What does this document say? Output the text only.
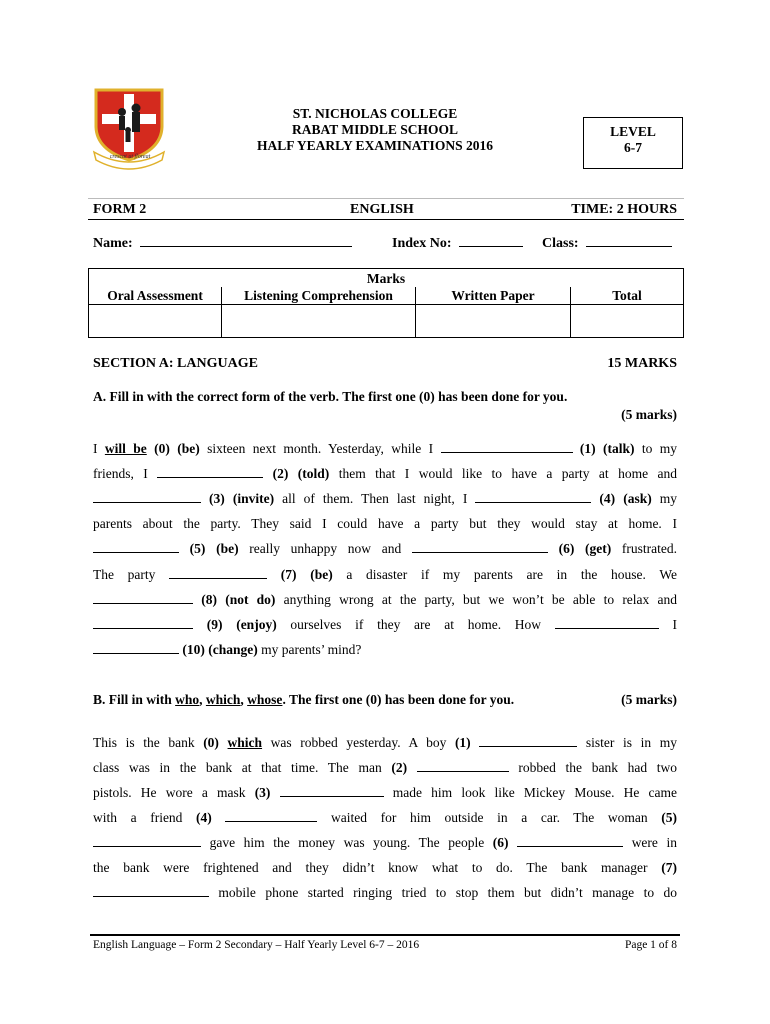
crescat ut floreat
ST. NICHOLAS COLLEGE
RABAT MIDDLE SCHOOL
HALF YEARLY EXAMINATIONS 2016
LEVEL
6-7
FORM 2	ENGLISH	TIME: 2 HOURS
Name:	Index No:	Class:
Marks
Oral Assessment	Listening Comprehension	Written Paper	Total
SECTION A: LANGUAGE	15 MARKS
A. Fill in with the correct form of the verb. The first one (0) has been done for you.
(5 marks)
I will be (0) (be) sixteen next month. Yesterday, while I	(1) (talk) to my
friends, I	(2) (told) them that I would like to have a party at home and
(3) (invite) all of them. Then last night, I	(4) (ask) my
parents about the party. They said I could have a party but they would stay at home. I
(5) (be) really unhappy now and	(6) (get) frustrated.
The party	(7) (be) a disaster if my parents are in the house. We
(8) (not do) anything wrong at the party, but we won’t be able to relax and
(9) (enjoy) ourselves if they are at home. How	I
(10) (change) my parents’ mind?
B. Fill in with who, which, whose. The first one (0) has been done for you.	(5 marks)
This is the bank (0) which was robbed yesterday. A boy (1)	sister is in my
class was in the bank at that time. The man (2)	robbed the bank had two
pistols. He wore a mask (3)	made him look like Mickey Mouse. He came
with a friend (4)	waited for him outside in a car. The woman (5)
gave him the money was young. The people (6)	were in
the bank were frightened and they didn’t know what to do. The bank manager (7)
mobile phone started ringing tried to stop them but didn’t manage to do
English Language – Form 2 Secondary – Half Yearly Level 6-7 – 2016	Page 1 of 8
